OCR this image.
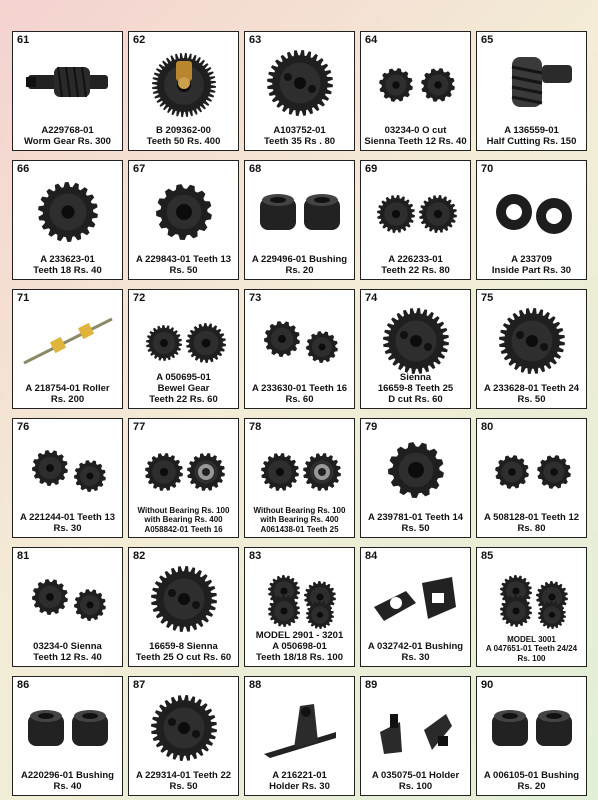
61
A229768-01
Worm Gear Rs. 300
62
B 209362-00
Teeth 50 Rs. 400
63
A103752-01
Teeth 35 Rs . 80
64
03234-0 O cut
Sienna Teeth 12 Rs. 40
65
A 136559-01
Half Cutting Rs. 150
66
A 233623-01
Teeth 18 Rs. 40
67
A 229843-01 Teeth 13
Rs. 50
68
A 229496-01 Bushing
Rs. 20
69
A 226233-01
Teeth 22 Rs. 80
70
A 233709
Inside Part Rs. 30
71
A 218754-01 Roller
Rs. 200
72
A 050695-01
Bewel Gear
Teeth 22 Rs. 60
73
A 233630-01 Teeth 16
Rs. 60
74
Sienna
16659-8 Teeth 25
D cut Rs. 60
75
A 233628-01 Teeth 24
Rs. 50
76
A 221244-01 Teeth 13
Rs. 30
77
Without Bearing Rs. 100
with Bearing Rs. 400
A058842-01 Teeth 16
78
Without Bearing Rs. 100
with Bearing Rs. 400
A061438-01 Teeth 25
79
A 239781-01 Teeth 14
Rs. 50
80
A 508128-01 Teeth 12
Rs. 80
81
03234-0 Sienna
Teeth 12 Rs. 40
82
16659-8 Sienna
Teeth 25 O cut Rs. 60
83
MODEL 2901 - 3201
A 050698-01
Teeth 18/18 Rs. 100
84
A 032742-01 Bushing
Rs. 30
85
MODEL 3001
A 047651-01 Teeth 24/24
Rs. 100
86
A220296-01 Bushing
Rs. 40
87
A 229314-01 Teeth 22
Rs. 50
88
A 216221-01
Holder Rs. 30
89
A 035075-01 Holder
Rs. 100
90
A 006105-01 Bushing
Rs. 20
